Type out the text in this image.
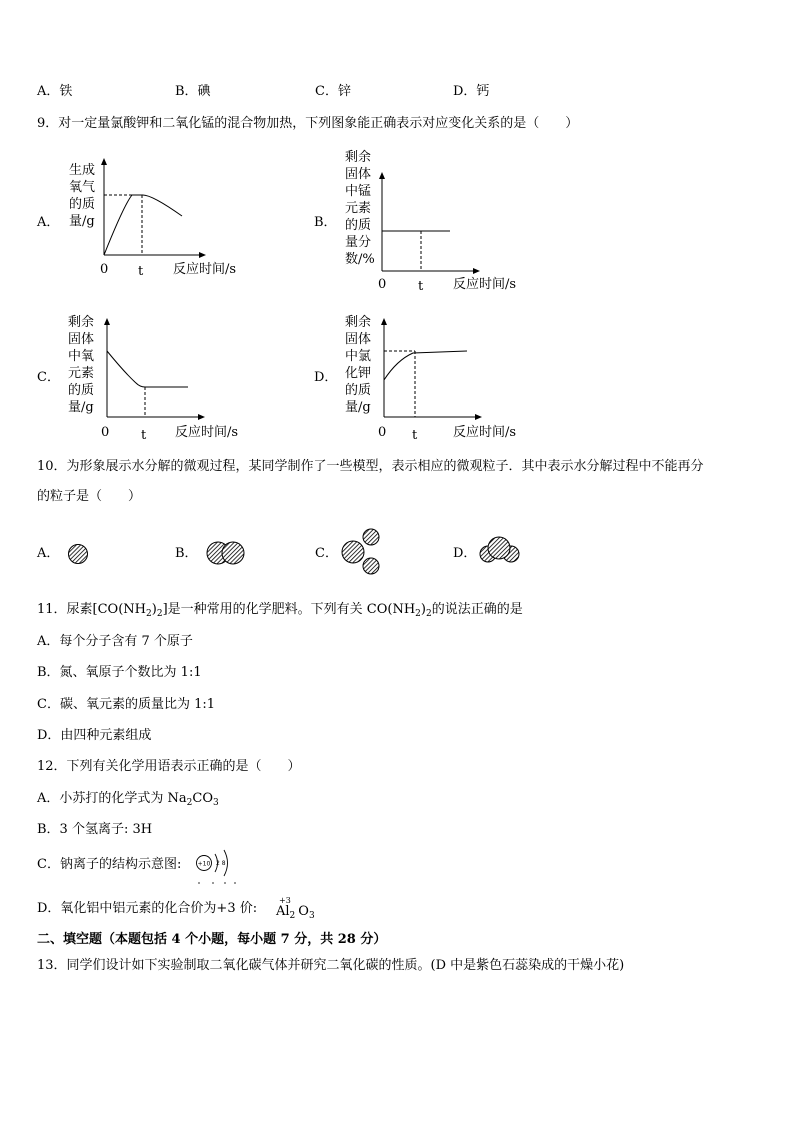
A．铁	B．碘	C．锌	D．钙
9．对一定量氯酸钾和二氧化锰的混合物加热，下列图象能正确表示对应变化关系的是（　　）
A．
生成
氧气
的质
量/g
0 t 反应时间/s
B．
剩余
固体
中锰
元素
的质
量分
数/%
0 t 反应时间/s
C．
剩余
固体
中氧
元素
的质
量/g
0 t 反应时间/s
D．
剩余
固体
中氯
化钾
的质
量/g
0 t	反应时间/s
10．为形象展示水分解的微观过程，某同学制作了一些模型，表示相应的微观粒子．其中表示水分解过程中不能再分
的粒子是（　　）
A．	B．	C．	D．
11．尿素$[CO(NH_2)_2]$是一种常用的化学肥料。下列有关 $CO(NH_2)_2$的说法正确的是
A．每个分子含有 7 个原子
B．氮、氧原子个数比为 1:1
C．碳、氧元素的质量比为 1:1
D．由四种元素组成
12．下列有关化学用语表示正确的是（　　）
A．小苏打的化学式为 $Na_2CO_3$
B．3 个氢离子: 3H
C．钠离子的结构示意图:	+10 2 8
D．氧化铝中铝元素的化合价为+3 价:
+3
$Al_2$ $O_3$
二、填空题（本题包括 4 个小题，每小题 7 分，共 28 分）
13．同学们设计如下实验制取二氧化碳气体并研究二氧化碳的性质。(D 中是紫色石蕊染成的干燥小花)
